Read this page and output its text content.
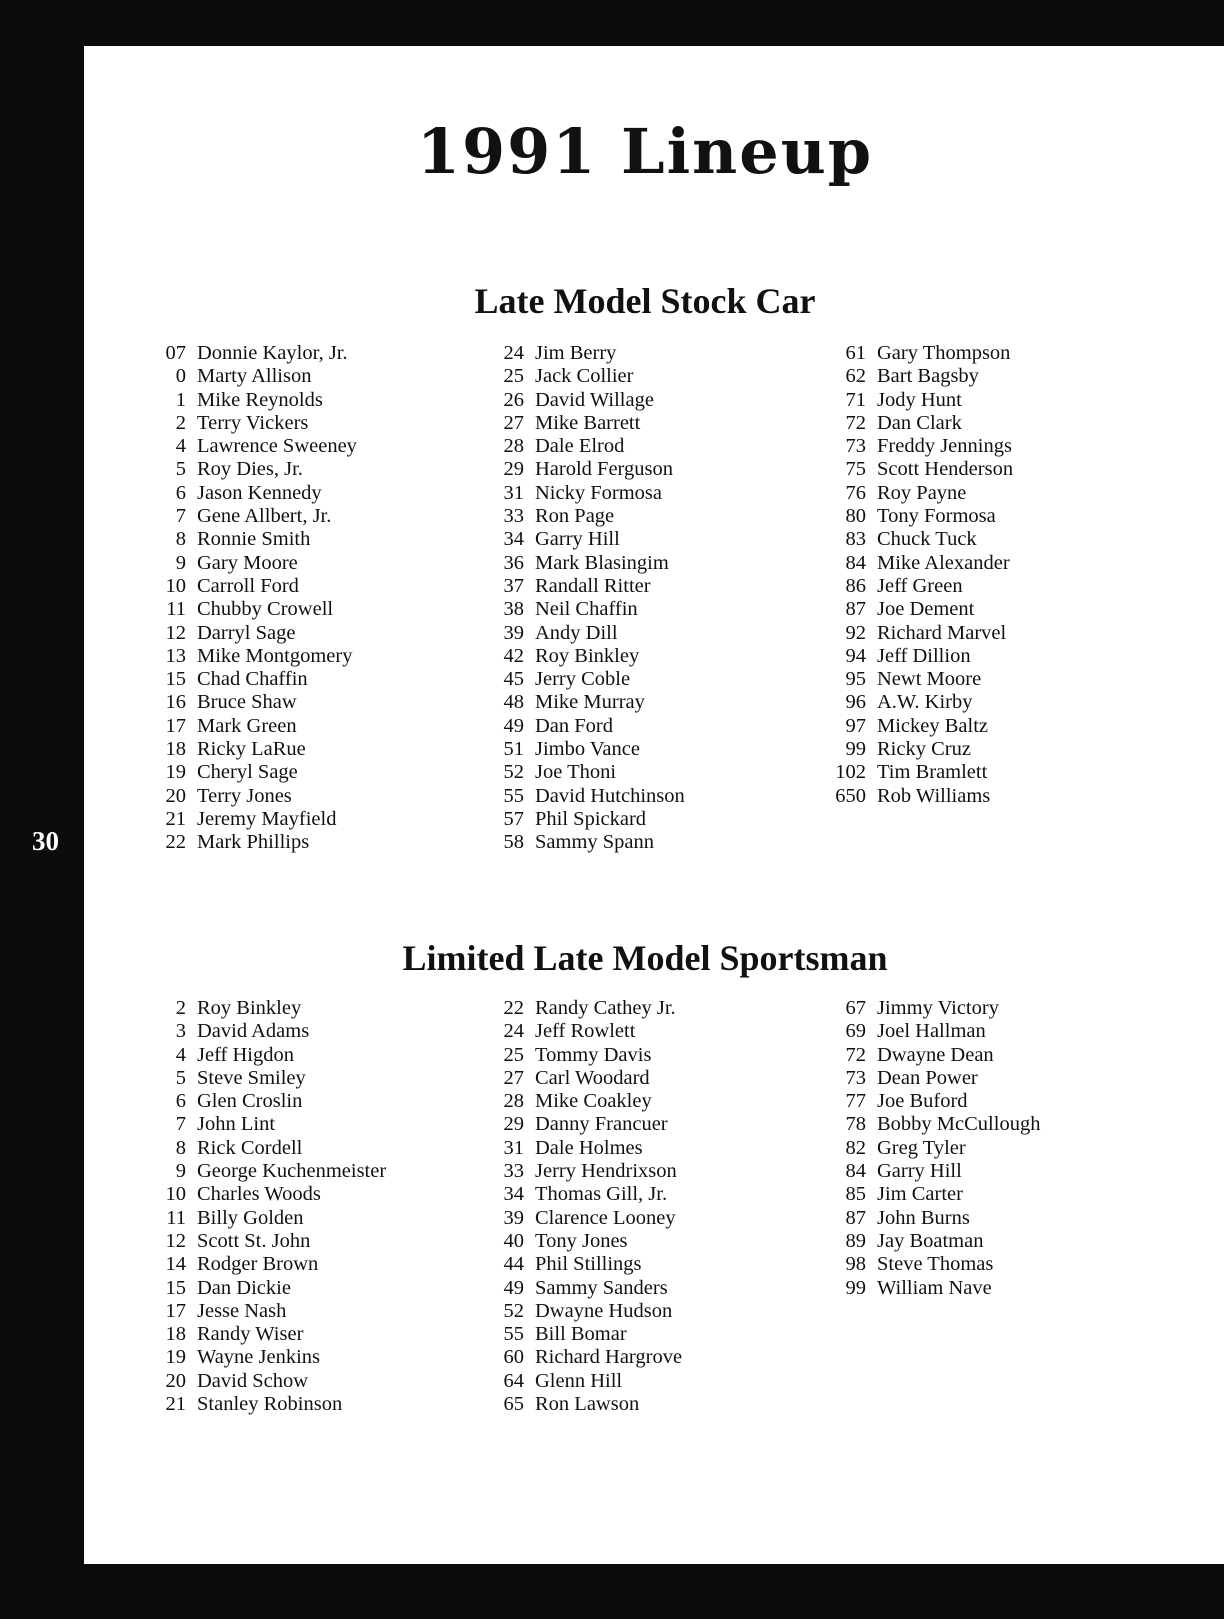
30
1991 Lineup
Late Model Stock Car
07 Donnie Kaylor, Jr.
0 Marty Allison
1 Mike Reynolds
2 Terry Vickers
4 Lawrence Sweeney
5 Roy Dies, Jr.
6 Jason Kennedy
7 Gene Allbert, Jr.
8 Ronnie Smith
9 Gary Moore
10 Carroll Ford
11 Chubby Crowell
12 Darryl Sage
13 Mike Montgomery
15 Chad Chaffin
16 Bruce Shaw
17 Mark Green
18 Ricky LaRue
19 Cheryl Sage
20 Terry Jones
21 Jeremy Mayfield
22 Mark Phillips
24 Jim Berry
25 Jack Collier
26 David Willage
27 Mike Barrett
28 Dale Elrod
29 Harold Ferguson
31 Nicky Formosa
33 Ron Page
34 Garry Hill
36 Mark Blasingim
37 Randall Ritter
38 Neil Chaffin
39 Andy Dill
42 Roy Binkley
45 Jerry Coble
48 Mike Murray
49 Dan Ford
51 Jimbo Vance
52 Joe Thoni
55 David Hutchinson
57 Phil Spickard
58 Sammy Spann
61 Gary Thompson
62 Bart Bagsby
71 Jody Hunt
72 Dan Clark
73 Freddy Jennings
75 Scott Henderson
76 Roy Payne
80 Tony Formosa
83 Chuck Tuck
84 Mike Alexander
86 Jeff Green
87 Joe Dement
92 Richard Marvel
94 Jeff Dillion
95 Newt Moore
96 A.W. Kirby
97 Mickey Baltz
99 Ricky Cruz
102 Tim Bramlett
650 Rob Williams
Limited Late Model Sportsman
2 Roy Binkley
3 David Adams
4 Jeff Higdon
5 Steve Smiley
6 Glen Croslin
7 John Lint
8 Rick Cordell
9 George Kuchenmeister
10 Charles Woods
11 Billy Golden
12 Scott St. John
14 Rodger Brown
15 Dan Dickie
17 Jesse Nash
18 Randy Wiser
19 Wayne Jenkins
20 David Schow
21 Stanley Robinson
22 Randy Cathey Jr.
24 Jeff Rowlett
25 Tommy Davis
27 Carl Woodard
28 Mike Coakley
29 Danny Francuer
31 Dale Holmes
33 Jerry Hendrixson
34 Thomas Gill, Jr.
39 Clarence Looney
40 Tony Jones
44 Phil Stillings
49 Sammy Sanders
52 Dwayne Hudson
55 Bill Bomar
60 Richard Hargrove
64 Glenn Hill
65 Ron Lawson
67 Jimmy Victory
69 Joel Hallman
72 Dwayne Dean
73 Dean Power
77 Joe Buford
78 Bobby McCullough
82 Greg Tyler
84 Garry Hill
85 Jim Carter
87 John Burns
89 Jay Boatman
98 Steve Thomas
99 William Nave
